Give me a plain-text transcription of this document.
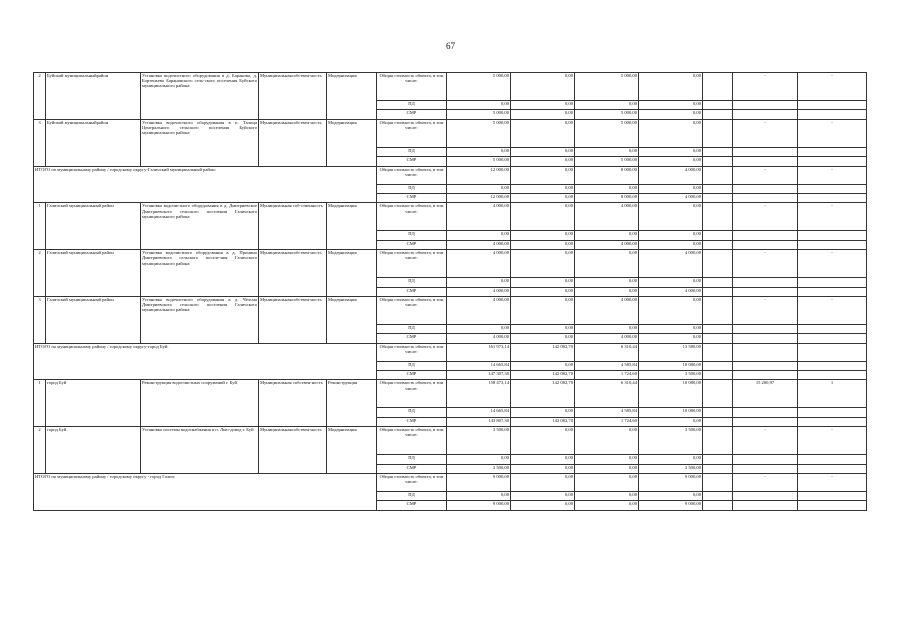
67
2	Буйский муниципальныйрайон	Установка водочистного оборудования в д. Бараново, д. Бортеньево Барановского сель-ского поселения Буйского муниципального района	Муниципальнаясобствен-ность	Модернизация	Общая стоимость объекта, в том числе:	5 000,00	0,00	5 000,00	0,00		-	-
					ПД	0,00	0,00	0,00	0,00			
					СМР	5 000,00	0,00	5 000,00	0,00			
3	Буйский муниципальныйрайон	Установка водочистного оборудования в п. Талица Центрального сельского поселения Буйского муниципального района	Муниципальнаясобствен-ность	Модернизация	Общая стоимость объекта, в том числе:	5 000,00	0,00	5 000,00	0,00		-	-
					ПД	0,00	0,00	0,00	0,00			
					СМР	5 000,00	0,00	5 000,00	0,00			
ИТОГО по муниципальному району / городскому округу-Галичский муниципальный район:					Общая стоимость объекта, в том числе:	12 000,00	0,00	8 000,00	4 000,00		-	-
					ПД	0,00	0,00	0,00	0,00			
					СМР	12 000,00	0,00	8 000,00	4 000,00			
1	Галичский муниципальный район	Установка водочистного оборудования в д. Дмитриевское Дмитриевского сельского поселения Галичского муниципального района	Муниципальная соб-ственность	Модернизация	Общая стоимость объекта, в том числе:	4 000,00	0,00	4 000,00	0,00		-	-
					ПД	0,00	0,00	0,00	0,00			
					СМР	4 000,00	0,00	4 000,00	0,00			
2	Галичский муниципальный район	Установка водочистного оборудования в д. Пронино Дмитриевского сельского поселе-ния Галичского муниципального района	Муниципальнаясобствен-ность	Модернизация	Общая стоимость объекта, в том числе:	4 000,00	0,00	0,00	4 000,00		-	-
					ПД	0,00	0,00	0,00	0,00			
					СМР	4 000,00	0,00	0,00	4 000,00			
3	Галичский муниципальный район	Установка водочистного оборудования в д. Чёлсма Дмитриевского сельского поселения Галичского муниципального района	Муниципальнаясобствен-ность	Модернизация	Общая стоимость объекта, в том числе:	4 000,00	0,00	4 000,00	0,00		-	-
					ПД	0,00	0,00	0,00	0,00			
					СМР	4 000,00	0,00	4 000,00	0,00			
ИТОГО по муниципальному району / городскому округу-город Буй:					Общая стоимость объекта, в том числе:	161 973,14	142 082,70	6 310,44	13 580,00			
					ПД	14 665,84	0,00	4 585,84	10 080,00			
					СМР	147 307,30	142 082,70	1 724,60	3 500,00			
1	город Буй	Реконструкция водоочистных сооружений г. Буй	Муниципальная собствен-ность	Реконструкция	Общая стоимость объекта, в том числе:	158 473,14	142 082,70	6 310,44	10 080,00		15 200,97	1
					ПД	14 665,84	0,00	4 585,84	10 080,00			
					СМР	143 807,30	142 082,70	1 724,60	0,00			
2	город Буй	Установка системы водоснабжения в п. Лью-довод г. Буй	Муниципальнаясобствен-ность	Модернизация	Общая стоимость объекта, в том числе:	3 500,00	0,00	0,00	3 500,00		-	-
					ПД	0,00	0,00	0,00	0,00			
					СМР	3 500,00	0,00	0,00	3 500,00			
ИТОГО по муниципальному району / городскому округу - город Галич:					Общая стоимость объекта, в том числе:	9 000,00	0,00	0,00	9 000,00		-	-
					ПД	0,00	0,00	0,00	0,00			
					СМР	9 000,00	0,00	0,00	9 000,00			
